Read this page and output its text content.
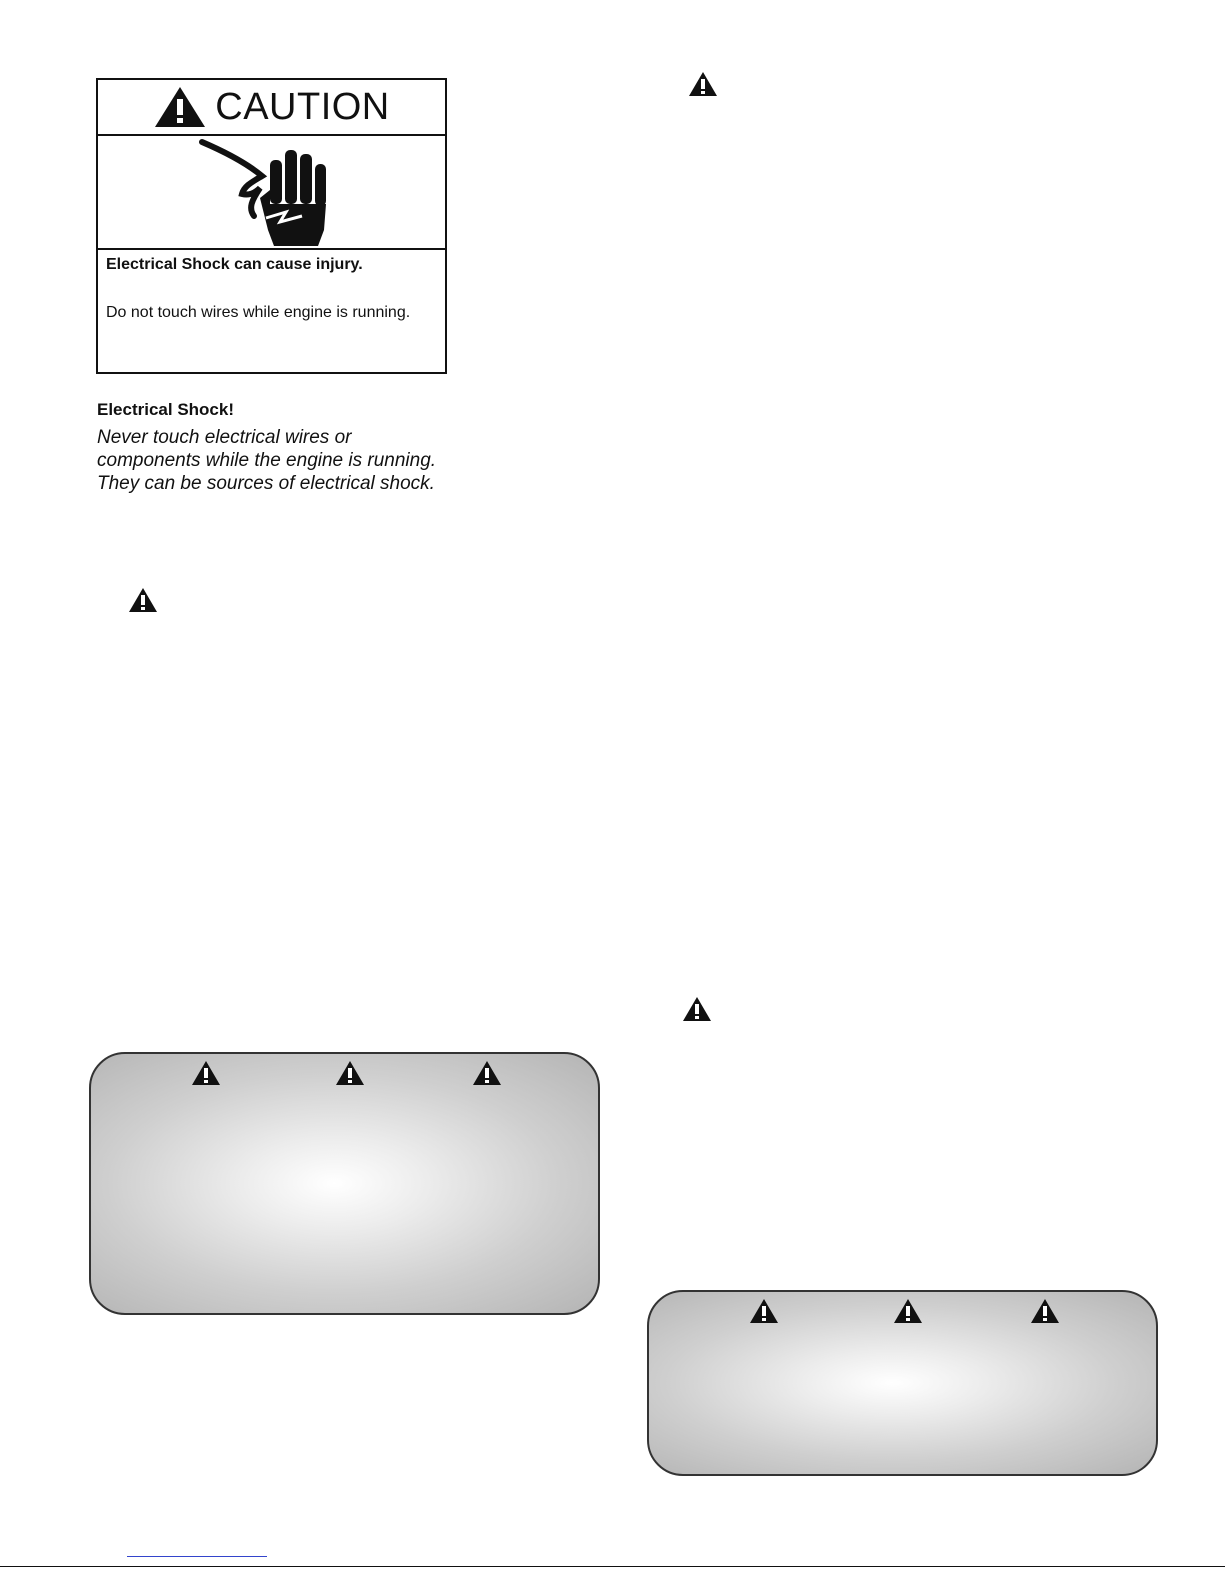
CAUTION
Electrical Shock can cause injury.
Do not touch wires while engine is running.
Electrical Shock!
Never touch electrical wires or components while the engine is running. They can be sources of electrical shock.
